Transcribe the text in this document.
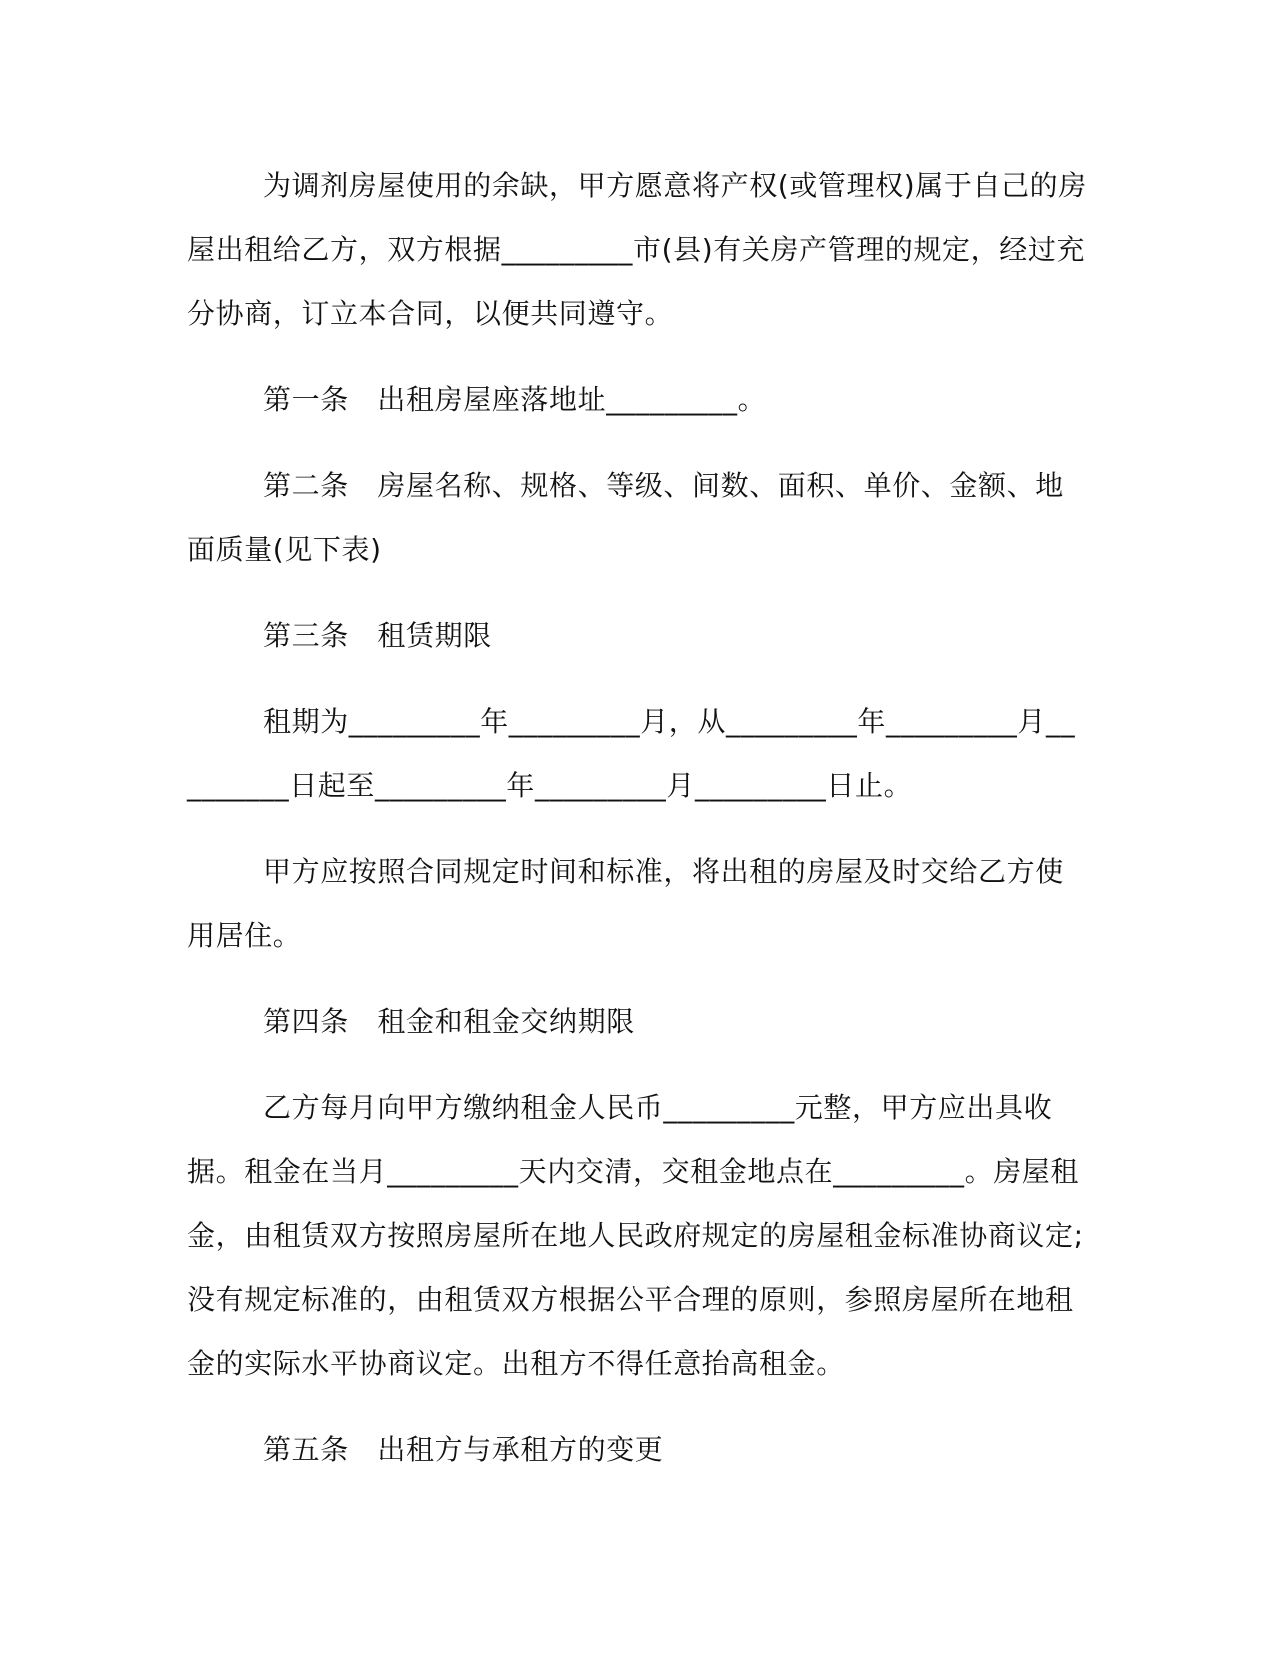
为调剂房屋使用的余缺，甲方愿意将产权(或管理权)属于自己的房屋出租给乙方，双方根据_________市(县)有关房产管理的规定，经过充分协商，订立本合同，以便共同遵守。

第一条　出租房屋座落地址_________。

第二条　房屋名称、规格、等级、间数、面积、单价、金额、地面质量(见下表)

第三条　租赁期限

租期为_________年_________月，从_________年_________月_________日起至_________年_________月_________日止。

甲方应按照合同规定时间和标准，将出租的房屋及时交给乙方使用居住。

第四条　租金和租金交纳期限

乙方每月向甲方缴纳租金人民币_________元整，甲方应出具收据。租金在当月_________天内交清，交租金地点在_________。房屋租金，由租赁双方按照房屋所在地人民政府规定的房屋租金标准协商议定;没有规定标准的，由租赁双方根据公平合理的原则，参照房屋所在地租金的实际水平协商议定。出租方不得任意抬高租金。

第五条　出租方与承租方的变更
